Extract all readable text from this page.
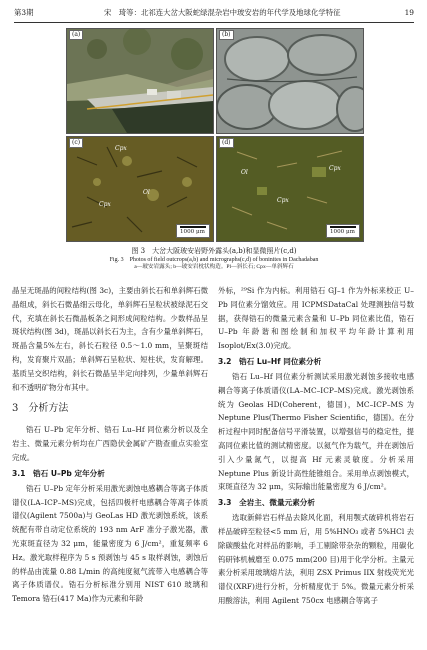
第3期	宋　琦等：北祁连大岔大阪蛇绿混杂岩中玻安岩的年代学及地球化学特征	19
(a)	(b)
(c)
Cpx
Ol
Cpx
1000 μm
(d)
Cpx
Ol
Cpx
1000 μm
图 3　大岔大阪玻安岩野外露头(a,b)和显微照片(c,d)
Fig. 3　Photos of field outcrops(a,b) and micrographs(c,d) of boninites in Dachadaban
a—玻安岩露头; b—玻安岩枕状构造。Pl—斜长石; Cpx—单斜辉石

晶呈无斑晶的间粒结构(图 3c)，主要由斜长石和单斜辉石微晶组成，斜长石微晶细云母化，单斜辉石呈粒状被绿泥石交代，充填在斜长石微晶板条之间形成间粒结构。少数样品呈斑状结构(图 3d)，斑晶以斜长石为主，含有少量单斜辉石，斑晶含量5%左右，斜长石粒径 0.5～1.0 mm，呈聚斑结构，发育聚片双晶；单斜辉石呈粒状、短柱状，发育解理。基质呈交织结构，斜长石微晶呈半定向排列，少量单斜辉石和不透明矿物分布其中。

3　分析方法

锆石 U–Pb 定年分析、锆石 Lu–Hf 同位素分析以及全岩主、微量元素分析均在广西隐伏金属矿产勘查重点实验室完成。

3.1　锆石 U–Pb 定年分析

锆石 U–Pb 定年分析采用激光剥蚀电感耦合等离子体质谱仪(LA–ICP–MS)完成，包括四极杆电感耦合等离子体质谱仪(Agilent 7500a)与 GeoLas HD 激光剥蚀系统，该系统配有带自动定位系统的 193 nm ArF 准分子激光器，激光束斑直径为 32 μm，能量密度为 6 J/cm²，重复频率 6 Hz。激光取样程序为 5 s 预剥蚀与 45 s 取样剥蚀，剥蚀后的样品由流量 0.88 L/min 的高纯度氦气流带入电感耦合等离子体质谱仪。锆石分析标准分别用 NIST 610 玻璃和 Temora 锆石(417 Ma)作为元素和年龄

外标，²⁹Si 作为内标。利用锆石 GJ–1 作为外标来校正 U–Pb 同位素分馏效应。用 ICPMSDataCal 处理测独信号数据，获得锆石的微量元素含量和 U–Pb 同位素比值，锆石 U–Pb 年龄谐和图绘制和加权平均年龄计算利用 Isoplot/Ex(3.0)完成。

3.2　锆石 Lu–Hf 同位素分析

锆石 Lu–Hf 同位素分析测试采用激光剥蚀多接收电感耦合等离子体质谱仪(LA–MC–ICP–MS)完成。激光剥蚀系统为 Geolas HD(Coherent，德国)，MC–ICP–MS 为 Neptune Plus(Thermo Fisher Scientific，德国)。在分析过程中同时配备信号平滑装置，以增强信号的稳定性，提高同位素比值的测试精密度。以氦气作为载气，并在剥蚀后引入少量氮气，以提高 Hf 元素灵敏度。分析采用 Neptune Plus 新设计高性能锥组合。采用单点剥蚀模式，束斑直径为 32 μm，实际输出能量密度为 6 J/cm²。

3.3　全岩主、微量元素分析

选取新鲜岩石样品去除风化面，利用颚式破碎机将岩石样品破碎至粒径<5 mm 后，用 5%HNO₃ 或者 5%HCl 去除碳酸盐化对样品的影响，手工剔除带杂杂的颗粒，用碳化钨研钵机械磨至 0.075 mm(200 目)用于化学分析。主量元素分析采用玻璃熔片法，利用 ZSX Primus IIX 射线荧光光谱仪(XRF)进行分析，分析精度优于 5%。微量元素分析采用酸溶法，利用 Agilent 750cx 电感耦合等离子
